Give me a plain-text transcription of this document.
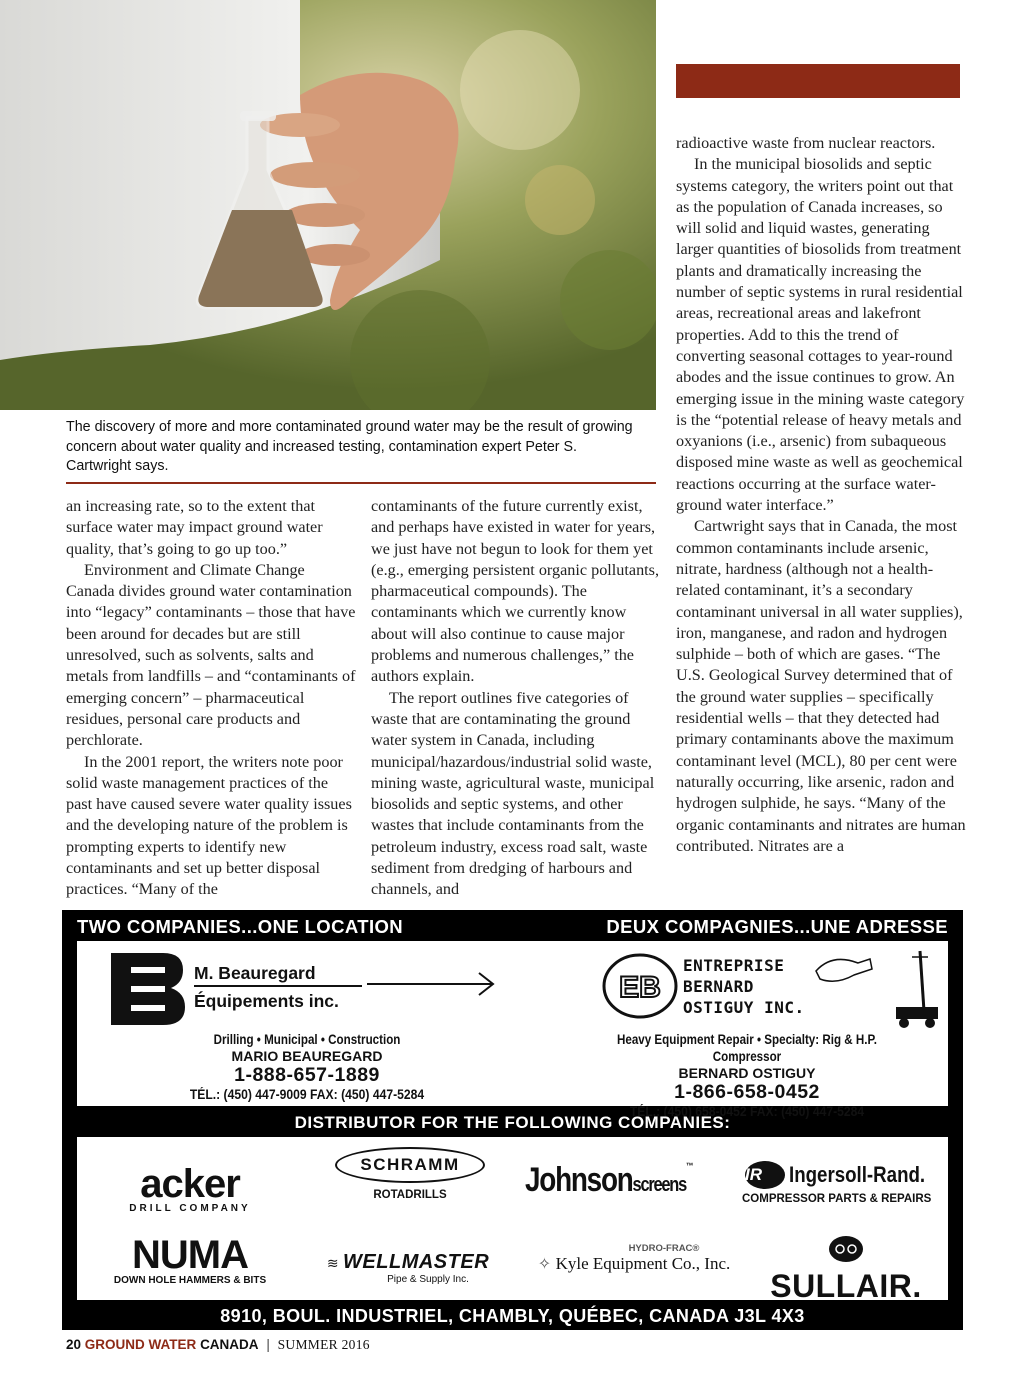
The discovery of more and more contaminated ground water may be the result of growing concern about water quality and increased testing, contamination expert Peter S. Cartwright says.

an increasing rate, so to the extent that surface water may impact ground water quality, that’s going to go up too.”

Environment and Climate Change Canada divides ground water contamination into “legacy” contaminants – those that have been around for decades but are still unresolved, such as solvents, salts and metals from landfills – and “contaminants of emerging concern” – pharmaceutical residues, personal care products and perchlorate.

In the 2001 report, the writers note poor solid waste management practices of the past have caused severe water quality issues and the developing nature of the problem is prompting experts to identify new contaminants and set up better disposal practices. “Many of the

contaminants of the future currently exist, and perhaps have existed in water for years, we just have not begun to look for them yet (e.g., emerging persistent organic pollutants, pharmaceutical compounds). The contaminants which we currently know about will also continue to cause major problems and numerous challenges,” the authors explain.

The report outlines five categories of waste that are contaminating the ground water system in Canada, including municipal/hazardous/industrial solid waste, mining waste, agricultural waste, municipal biosolids and septic systems, and other wastes that include contaminants from the petroleum industry, excess road salt, waste sediment from dredging of harbours and channels, and

radioactive waste from nuclear reactors.

In the municipal biosolids and septic systems category, the writers point out that as the population of Canada increases, so will solid and liquid wastes, generating larger quantities of biosolids from treatment plants and dramatically increasing the number of septic systems in rural residential areas, recreational areas and lakefront properties. Add to this the trend of converting seasonal cottages to year-round abodes and the issue continues to grow. An emerging issue in the mining waste category is the “potential release of heavy metals and oxyanions (i.e., arsenic) from subaqueous disposed mine waste as well as geochemical reactions occurring at the surface water-ground water interface.”

Cartwright says that in Canada, the most common contaminants include arsenic, nitrate, hardness (although not a health-related contaminant, it’s a secondary contaminant universal in all water supplies), iron, manganese, and radon and hydrogen sulphide – both of which are gases. “The U.S. Geological Survey determined that of the ground water supplies – specifically residential wells – that they detected had primary contaminants above the maximum contaminant level (MCL), 80 per cent were naturally occurring, like arsenic, radon and hydrogen sulphide, he says. “Many of the organic contaminants and nitrates are human contributed. Nitrates are a

TWO COMPANIES...ONE LOCATION	DEUX COMPAGNIES...UNE ADRESSE
M. Beauregard
Équipements inc.	EB
ENTREPRISE
BERNARD
OSTIGUY INC.
Drilling • Municipal • Construction
MARIO BEAUREGARD
1-888-657-1889
TÉL.: (450) 447-9009 FAX: (450) 447-5284
Heavy Equipment Repair • Specialty: Rig & H.P. Compressor
BERNARD OSTIGUY
1-866-658-0452
TÉL.: (450) 658-0452 FAX: (450) 447-5284
DISTRIBUTOR FOR THE FOLLOWING COMPANIES:
acker
DRILL COMPANY
SCHRAMM
ROTADRILLS	Johnsonscreens™	IR Ingersoll-Rand.
COMPRESSOR PARTS & REPAIRS
NUMA
DOWN HOLE HAMMERS & BITS
≋ WELLMASTER
Pipe & Supply Inc.
HYDRO-FRAC®
✧ Kyle Equipment Co., Inc.
SULLAIR.
8910, BOUL. INDUSTRIEL, CHAMBLY, QUÉBEC, CANADA J3L 4X3
20 GROUND WATER CANADA | SUMMER 2016
